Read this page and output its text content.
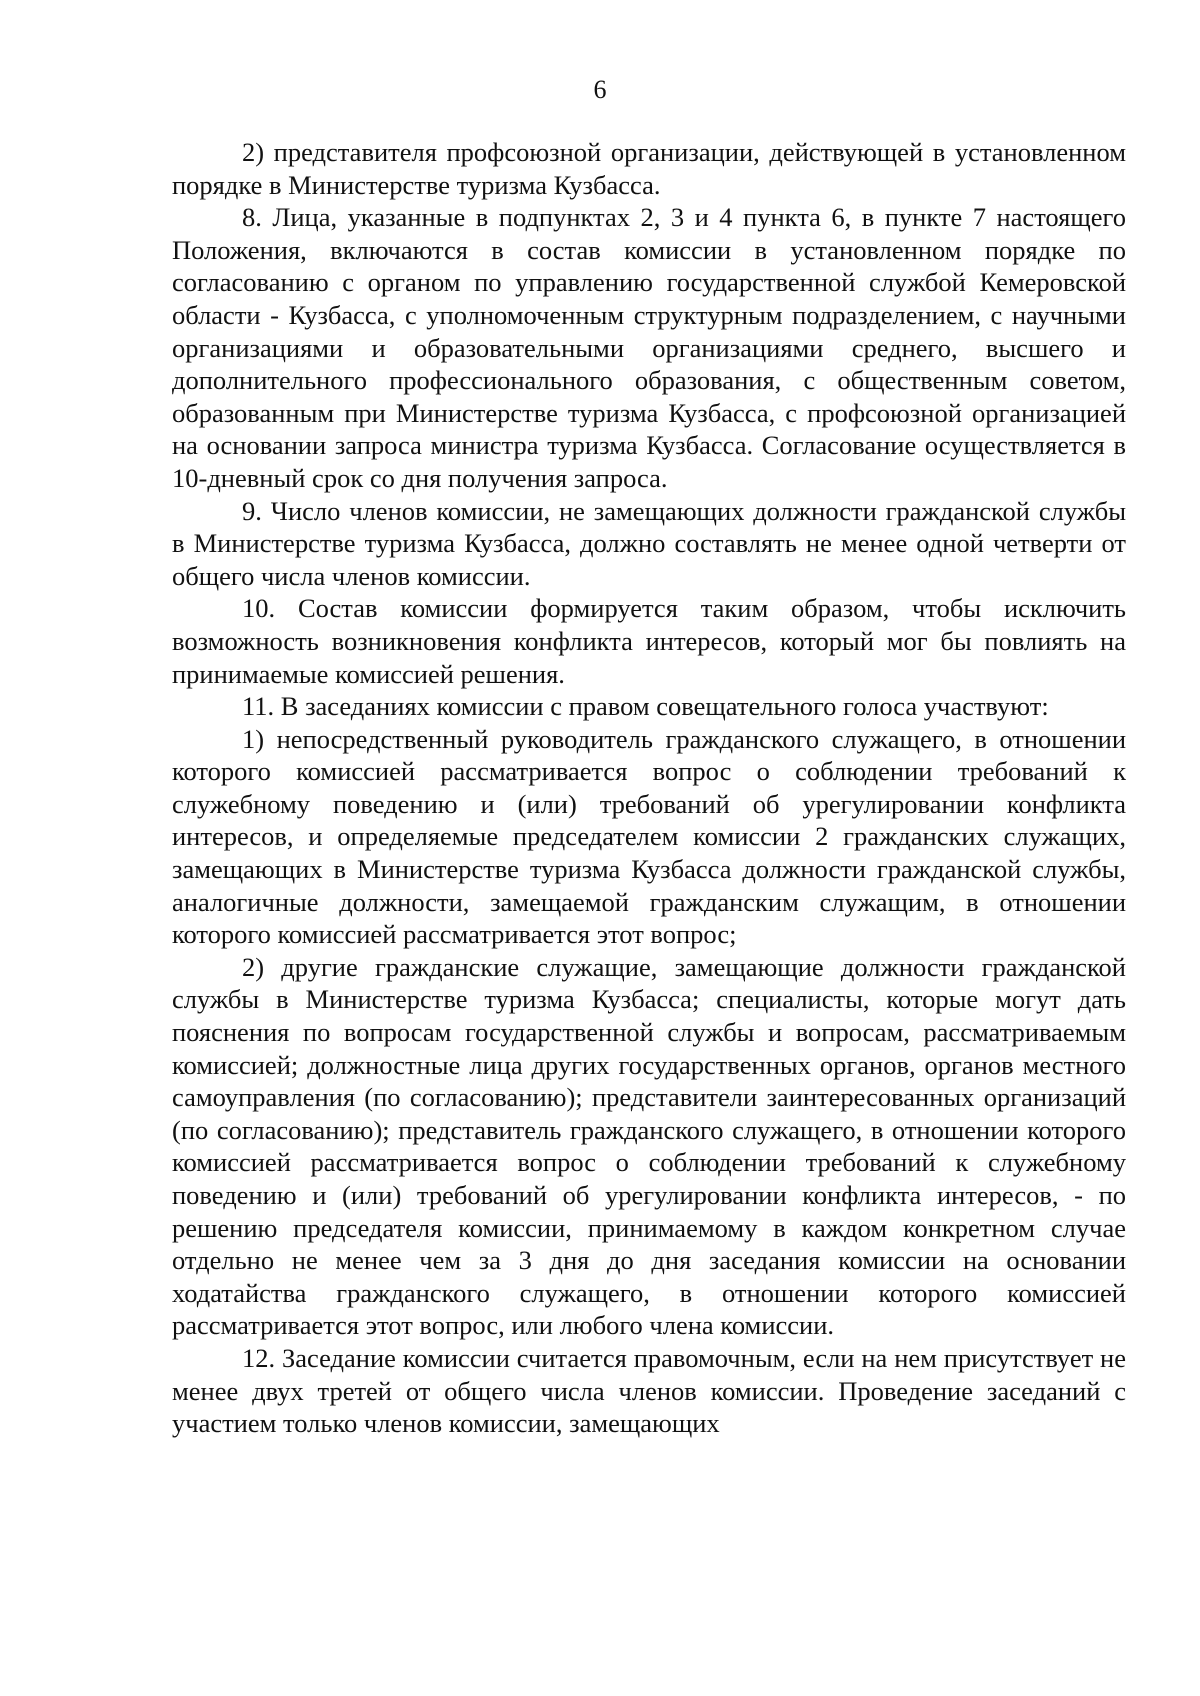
6

2) представителя профсоюзной организации, действующей в установленном порядке в Министерстве туризма Кузбасса.

8. Лица, указанные в подпунктах 2, 3 и 4 пункта 6, в пункте 7 настоящего Положения, включаются в состав комиссии в установленном порядке по согласованию с органом по управлению государственной службой Кемеровской области - Кузбасса, с уполномоченным структурным подразделением, с научными организациями и образовательными организациями среднего, высшего и дополнительного профессионального образования, с общественным советом, образованным при Министерстве туризма Кузбасса, с профсоюзной организацией на основании запроса министра туризма Кузбасса. Согласование осуществляется в 10-дневный срок со дня получения запроса.

9. Число членов комиссии, не замещающих должности гражданской службы в Министерстве туризма Кузбасса, должно составлять не менее одной четверти от общего числа членов комиссии.

10. Состав комиссии формируется таким образом, чтобы исключить возможность возникновения конфликта интересов, который мог бы повлиять на принимаемые комиссией решения.

11. В заседаниях комиссии с правом совещательного голоса участвуют:

1) непосредственный руководитель гражданского служащего, в отношении которого комиссией рассматривается вопрос о соблюдении требований к служебному поведению и (или) требований об урегулировании конфликта интересов, и определяемые председателем комиссии 2 гражданских служащих, замещающих в Министерстве туризма Кузбасса должности гражданской службы, аналогичные должности, замещаемой гражданским служащим, в отношении которого комиссией рассматривается этот вопрос;

2) другие гражданские служащие, замещающие должности гражданской службы в Министерстве туризма Кузбасса; специалисты, которые могут дать пояснения по вопросам государственной службы и вопросам, рассматриваемым комиссией; должностные лица других государственных органов, органов местного самоуправления (по согласованию); представители заинтересованных организаций (по согласованию); представитель гражданского служащего, в отношении которого комиссией рассматривается вопрос о соблюдении требований к служебному поведению и (или) требований об урегулировании конфликта интересов, - по решению председателя комиссии, принимаемому в каждом конкретном случае отдельно не менее чем за 3 дня до дня заседания комиссии на основании ходатайства гражданского служащего, в отношении которого комиссией рассматривается этот вопрос, или любого члена комиссии.

12. Заседание комиссии считается правомочным, если на нем присутствует не менее двух третей от общего числа членов комиссии. Проведение заседаний с участием только членов комиссии, замещающих
